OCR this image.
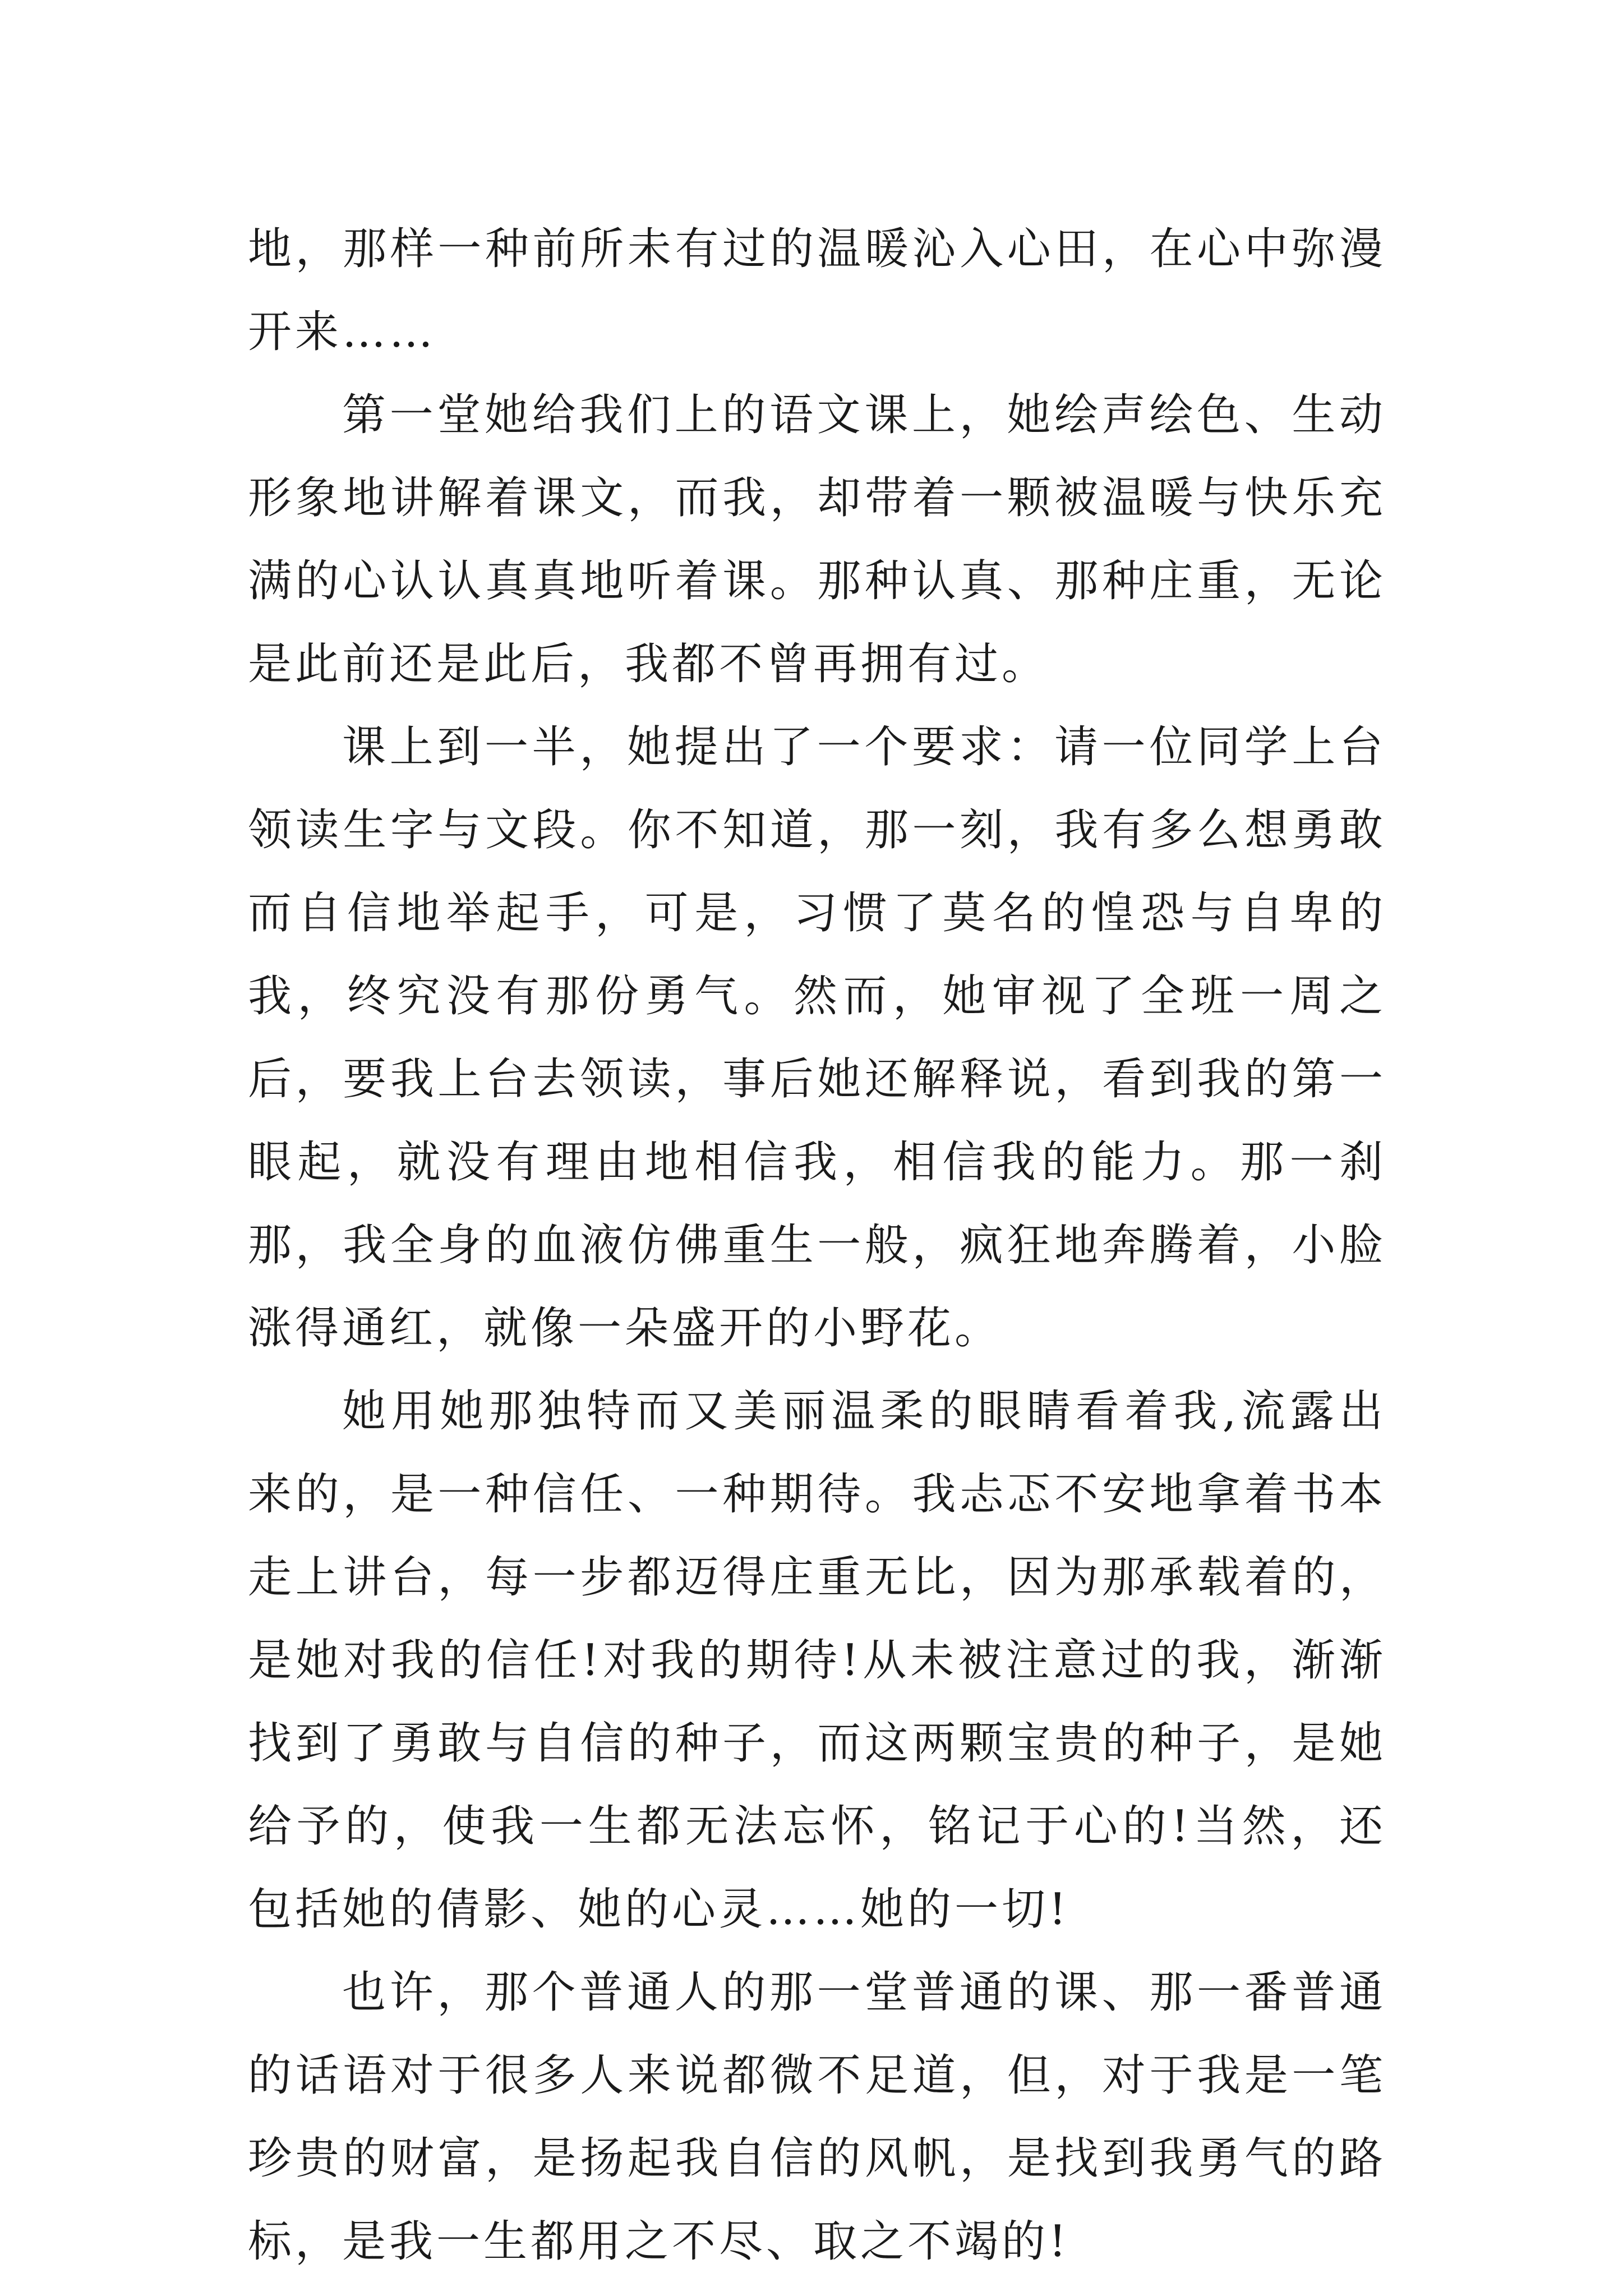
地，那样一种前所未有过的温暖沁入心田，在心中弥漫开来……

第一堂她给我们上的语文课上，她绘声绘色、生动形象地讲解着课文，而我，却带着一颗被温暖与快乐充满的心认认真真地听着课。那种认真、那种庄重，无论是此前还是此后，我都不曾再拥有过。

课上到一半，她提出了一个要求：请一位同学上台领读生字与文段。你不知道，那一刻，我有多么想勇敢而自信地举起手，可是，习惯了莫名的惶恐与自卑的我，终究没有那份勇气。然而，她审视了全班一周之后，要我上台去领读，事后她还解释说，看到我的第一眼起，就没有理由地相信我，相信我的能力。那一刹那，我全身的血液仿佛重生一般，疯狂地奔腾着，小脸涨得通红，就像一朵盛开的小野花。

她用她那独特而又美丽温柔的眼睛看着我,流露出来的，是一种信任、一种期待。我忐忑不安地拿着书本走上讲台，每一步都迈得庄重无比，因为那承载着的，是她对我的信任!对我的期待!从未被注意过的我，渐渐找到了勇敢与自信的种子，而这两颗宝贵的种子，是她给予的，使我一生都无法忘怀，铭记于心的!当然，还包括她的倩影、她的心灵……她的一切!

也许，那个普通人的那一堂普通的课、那一番普通的话语对于很多人来说都微不足道，但，对于我是一笔珍贵的财富，是扬起我自信的风帆，是找到我勇气的路标，是我一生都用之不尽、取之不竭的!
